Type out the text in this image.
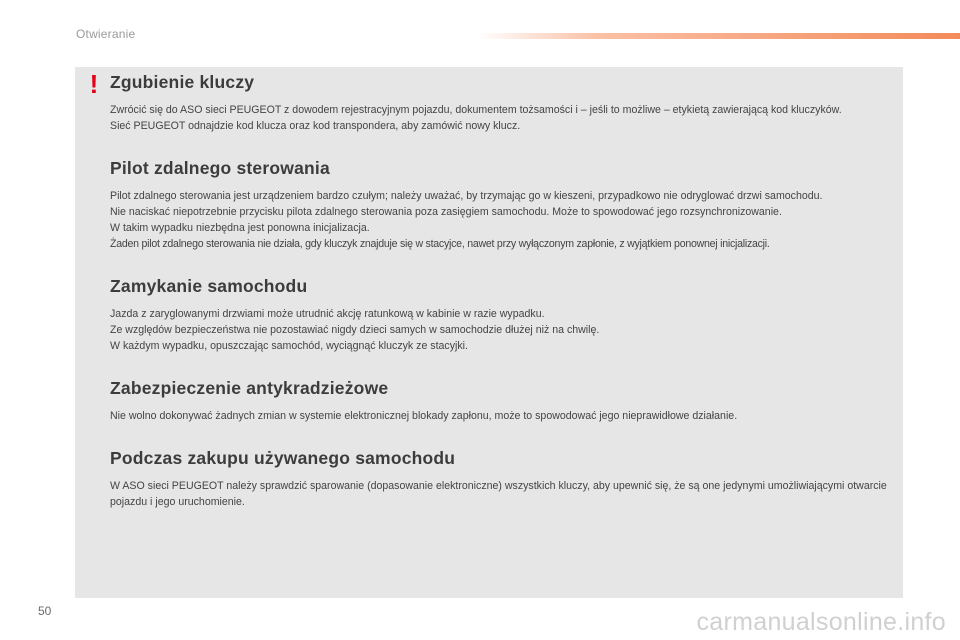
Otwieranie
! Zgubienie kluczy

Zwrócić się do ASO sieci PEUGEOT z dowodem rejestracyjnym pojazdu, dokumentem tożsamości i – jeśli to możliwe – etykietą zawierającą kod kluczyków.

Sieć PEUGEOT odnajdzie kod klucza oraz kod transpondera, aby zamówić nowy klucz.

Pilot zdalnego sterowania

Pilot zdalnego sterowania jest urządzeniem bardzo czułym; należy uważać, by trzymając go w kieszeni, przypadkowo nie odryglować drzwi samochodu.

Nie naciskać niepotrzebnie przycisku pilota zdalnego sterowania poza zasięgiem samochodu. Może to spowodować jego rozsynchronizowanie.

W takim wypadku niezbędna jest ponowna inicjalizacja.

Żaden pilot zdalnego sterowania nie działa, gdy kluczyk znajduje się w stacyjce, nawet przy wyłączonym zapłonie, z wyjątkiem ponownej inicjalizacji.

Zamykanie samochodu

Jazda z zaryglowanymi drzwiami może utrudnić akcję ratunkową w kabinie w razie wypadku.

Ze względów bezpieczeństwa nie pozostawiać nigdy dzieci samych w samochodzie dłużej niż na chwilę.

W każdym wypadku, opuszczając samochód, wyciągnąć kluczyk ze stacyjki.

Zabezpieczenie antykradzieżowe

Nie wolno dokonywać żadnych zmian w systemie elektronicznej blokady zapłonu, może to spowodować jego nieprawidłowe działanie.

Podczas zakupu używanego samochodu

W ASO sieci PEUGEOT należy sprawdzić sparowanie (dopasowanie elektroniczne) wszystkich kluczy, aby upewnić się, że są one jedynymi umożliwiającymi otwarcie pojazdu i jego uruchomienie.

50	carmanualsonline.info
